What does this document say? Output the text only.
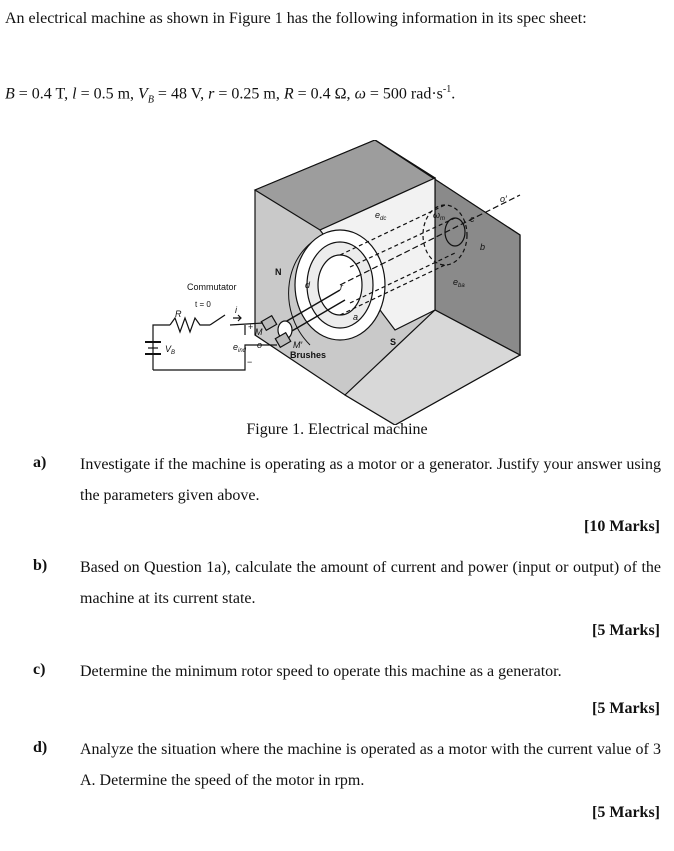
An electrical machine as shown in Figure 1 has the following information in its spec sheet:
B = 0.4 T, l = 0.5 m, $V_B = 48$ V, r = 0.25 m, R = 0.4 Ω, ω = 500 $rad\cdot s^{-1}$.
Commutator
t = 0
R	i
$V_B$
+
−
$e_{ind}$
M
M′
o
Brushes
N
S
d
a
r
c
b
$e_{dc}$
$e_{ba}$
$\omega_m$
o′
Figure 1. Electrical machine
a) Investigate if the machine is operating as a motor or a generator. Justify your answer using the parameters given above.
[10 Marks]
b) Based on Question 1a), calculate the amount of current and power (input or output) of the machine at its current state.
[5 Marks]
c) Determine the minimum rotor speed to operate this machine as a generator.
[5 Marks]
d) Analyze the situation where the machine is operated as a motor with the current value of 3 A. Determine the speed of the motor in rpm.
[5 Marks]
